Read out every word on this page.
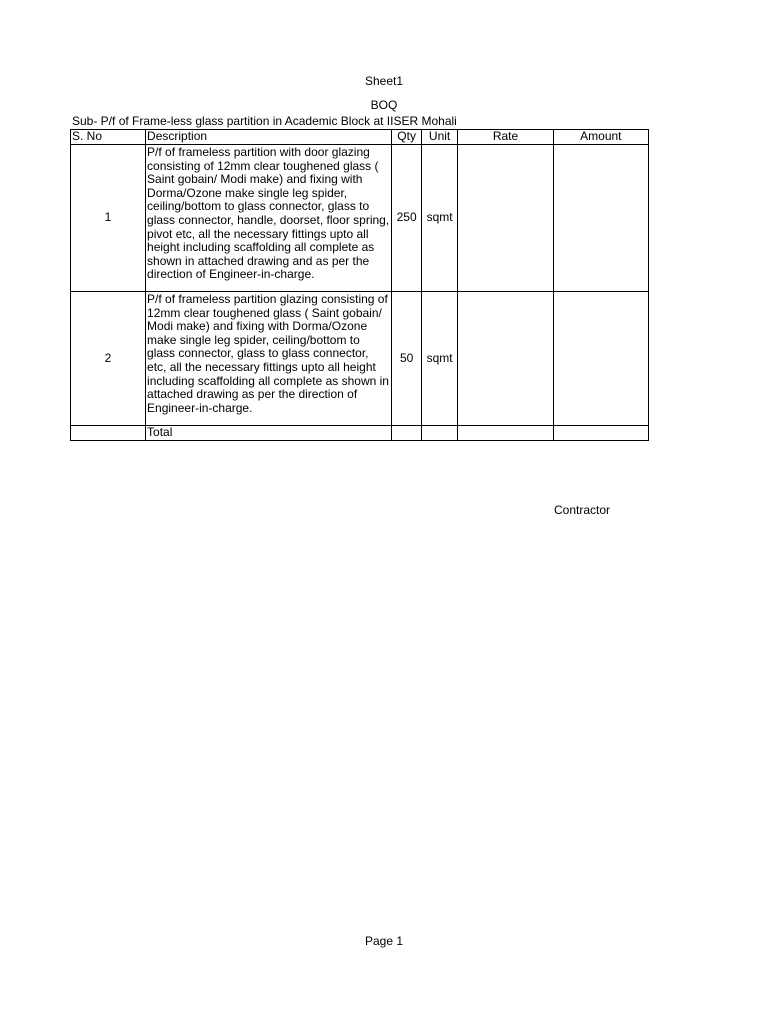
Sheet1
BOQ
Sub- P/f of Frame-less glass partition in Academic Block at IISER Mohali
S. No	Description	Qty	Unit	Rate	Amount
1	P/f of frameless partition with door glazing consisting of 12mm clear toughened glass ( Saint gobain/ Modi make) and fixing with Dorma/Ozone make single leg spider, ceiling/bottom to glass connector, glass to glass connector, handle, doorset, floor spring, pivot etc, all the necessary fittings upto all height including scaffolding all complete as shown in attached drawing and as per the direction of Engineer-in-charge.	250	sqmt		
2	P/f of frameless partition glazing consisting of 12mm clear toughened glass ( Saint gobain/ Modi make) and fixing with Dorma/Ozone make single leg spider, ceiling/bottom to glass connector, glass to glass connector, etc, all the necessary fittings upto all height including scaffolding all complete as shown in attached drawing as per the direction of Engineer-in-charge.	50	sqmt		
	Total				
Contractor
Page 1
